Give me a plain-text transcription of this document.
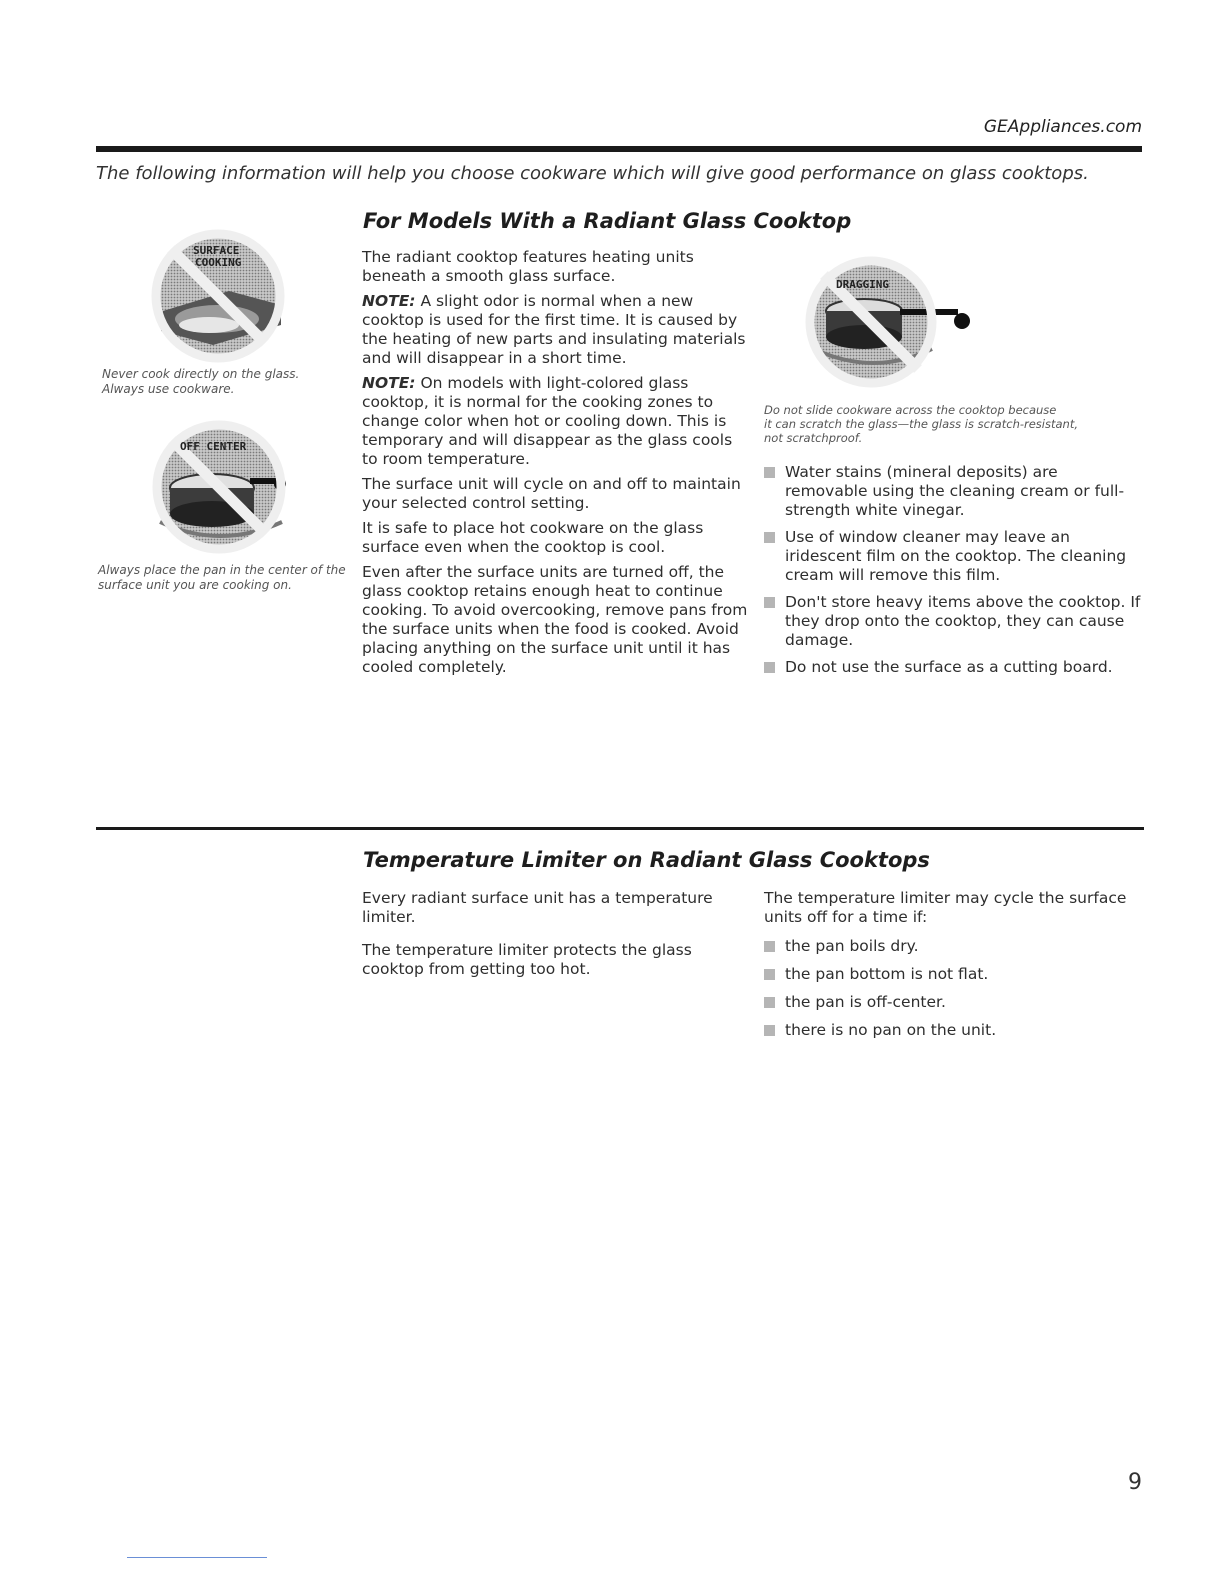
GEAppliances.com
The following information will help you choose cookware which will give good performance on glass cooktops.
For Models With a Radiant Glass Cooktop
SURFACE
COOKING
Never cook directly on the glass. Always use cookware.
OFF CENTER
Always place the pan in the center of the surface unit you are cooking on.

The radiant cooktop features heating units beneath a smooth glass surface.

NOTE: A slight odor is normal when a new cooktop is used for the first time. It is caused by the heating of new parts and insulating materials and will disappear in a short time.

NOTE: On models with light-colored glass cooktop, it is normal for the cooking zones to change color when hot or cooling down. This is temporary and will disappear as the glass cools to room temperature.

The surface unit will cycle on and off to maintain your selected control setting.

It is safe to place hot cookware on the glass surface even when the cooktop is cool.

Even after the surface units are turned off, the glass cooktop retains enough heat to continue cooking. To avoid overcooking, remove pans from the surface units when the food is cooked. Avoid placing anything on the surface unit until it has cooled completely.

DRAGGING
Do not slide cookware across the cooktop because
it can scratch the glass—the glass is scratch-resistant,
not scratchproof.
Water stains (mineral deposits) are removable using the cleaning cream or full-strength white vinegar.
Use of window cleaner may leave an iridescent film on the cooktop. The cleaning cream will remove this film.
Don't store heavy items above the cooktop. If they drop onto the cooktop, they can cause damage.
Do not use the surface as a cutting board.
Temperature Limiter on Radiant Glass Cooktops

Every radiant surface unit has a temperature limiter.

The temperature limiter protects the glass cooktop from getting too hot.

The temperature limiter may cycle the surface units off for a time if:

the pan boils dry.
the pan bottom is not flat.
the pan is off-center.
there is no pan on the unit.
9
